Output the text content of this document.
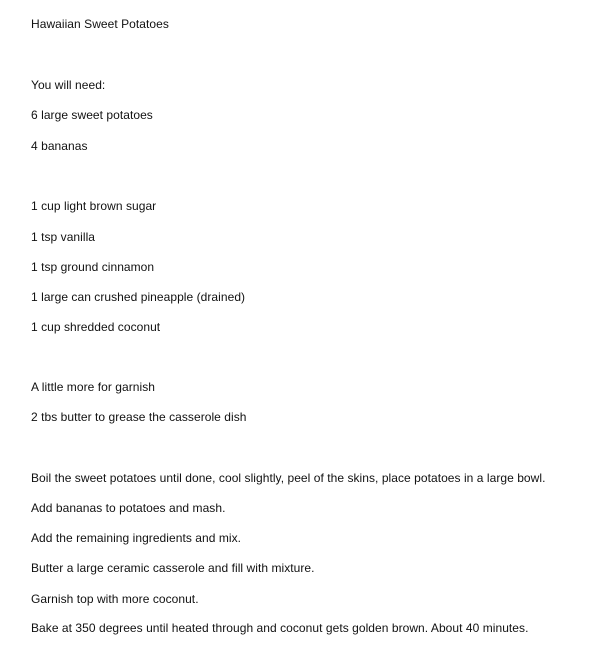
Hawaiian Sweet Potatoes
You will need:
6 large sweet potatoes
4 bananas
1 cup light brown sugar
1 tsp vanilla
1 tsp ground cinnamon
1 large can crushed pineapple (drained)
1 cup shredded coconut
A little more for garnish
2 tbs butter to grease the casserole dish
Boil the sweet potatoes until done, cool slightly, peel of the skins, place potatoes in a large bowl.
Add bananas to potatoes and mash.
Add the remaining ingredients and mix.
Butter a large ceramic casserole and fill with mixture.
Garnish top with more coconut.
Bake at 350 degrees until heated through and coconut gets golden brown. About 40 minutes.
